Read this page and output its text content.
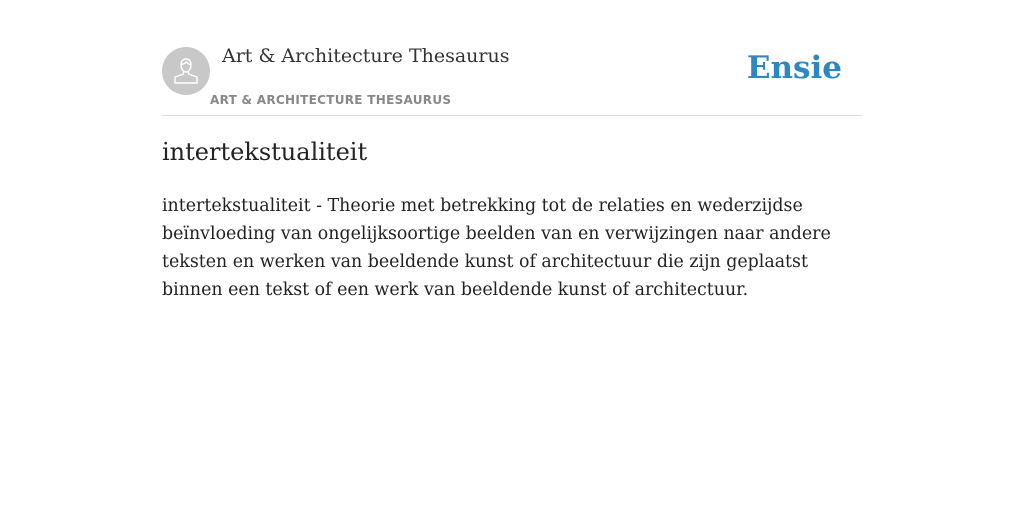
Art & Architecture Thesaurus
ART & ARCHITECTURE THESAURUS
Ensie
intertekstualiteit

intertekstualiteit - Theorie met betrekking tot de relaties en wederzijdse beïnvloeding van ongelijksoortige beelden van en verwijzingen naar andere teksten en werken van beeldende kunst of architectuur die zijn geplaatst binnen een tekst of een werk van beeldende kunst of architectuur.
